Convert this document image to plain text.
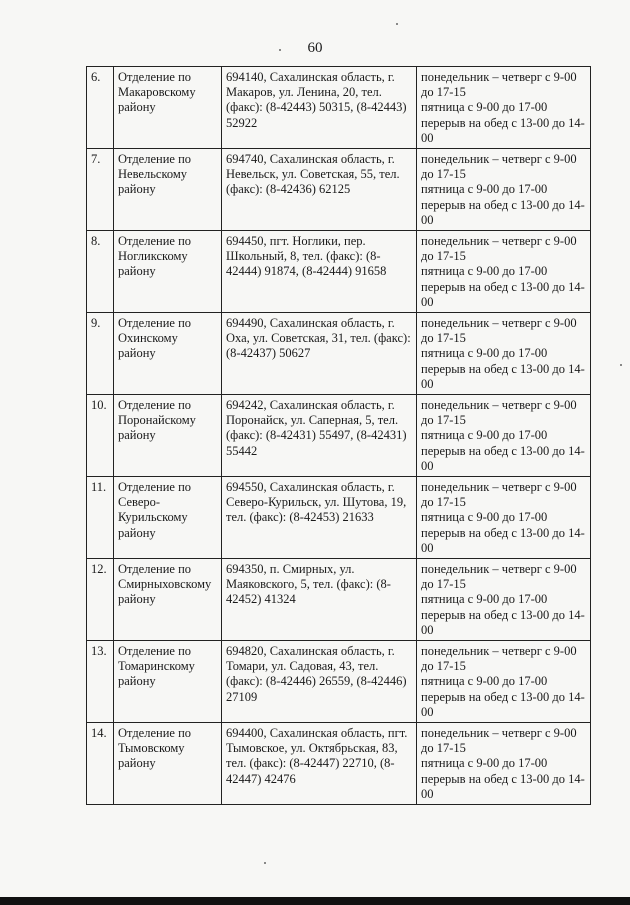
60
6.	Отделение по Макаровскому району	694140, Сахалинская область, г. Макаров, ул. Ленина, 20, тел. (факс): (8-42443) 50315, (8-42443) 52922	понедельник – четверг с 9-00 до 17-15
пятница с 9-00 до 17-00
перерыв на обед с 13-00 до 14-00

7.	Отделение по Невельскому району	694740, Сахалинская область, г. Невельск, ул. Советская, 55, тел. (факс): (8-42436) 62125	понедельник – четверг с 9-00 до 17-15
пятница с 9-00 до 17-00
перерыв на обед с 13-00 до 14-00

8.	Отделение по Ногликскому району	694450, пгт. Ноглики, пер. Школьный, 8, тел. (факс): (8-42444) 91874, (8-42444) 91658	понедельник – четверг с 9-00 до 17-15
пятница с 9-00 до 17-00
перерыв на обед с 13-00 до 14-00

9.	Отделение по Охинскому району	694490, Сахалинская область, г. Оха, ул. Советская, 31, тел. (факс): (8-42437) 50627	понедельник – четверг с 9-00 до 17-15
пятница с 9-00 до 17-00
перерыв на обед с 13-00 до 14-00

10.	Отделение по Поронайскому району	694242, Сахалинская область, г. Поронайск, ул. Саперная, 5, тел. (факс): (8-42431) 55497, (8-42431) 55442	понедельник – четверг с 9-00 до 17-15
пятница с 9-00 до 17-00
перерыв на обед с 13-00 до 14-00

11.	Отделение по Северо-Курильскому району	694550, Сахалинская область, г. Северо-Курильск, ул. Шутова, 19, тел. (факс): (8-42453) 21633	понедельник – четверг с 9-00 до 17-15
пятница с 9-00 до 17-00
перерыв на обед с 13-00 до 14-00

12.	Отделение по Смирныховскому району	694350, п. Смирных, ул. Маяковского, 5, тел. (факс): (8-42452) 41324	понедельник – четверг с 9-00 до 17-15
пятница с 9-00 до 17-00
перерыв на обед с 13-00 до 14-00

13.	Отделение по Томаринскому району	694820, Сахалинская область, г. Томари, ул. Садовая, 43, тел. (факс): (8-42446) 26559, (8-42446) 27109	понедельник – четверг с 9-00 до 17-15
пятница с 9-00 до 17-00
перерыв на обед с 13-00 до 14-00

14.	Отделение по Тымовскому району	694400, Сахалинская область, пгт. Тымовское, ул. Октябрьская, 83, тел. (факс): (8-42447) 22710, (8-42447) 42476	понедельник – четверг с 9-00 до 17-15
пятница с 9-00 до 17-00
перерыв на обед с 13-00 до 14-00
